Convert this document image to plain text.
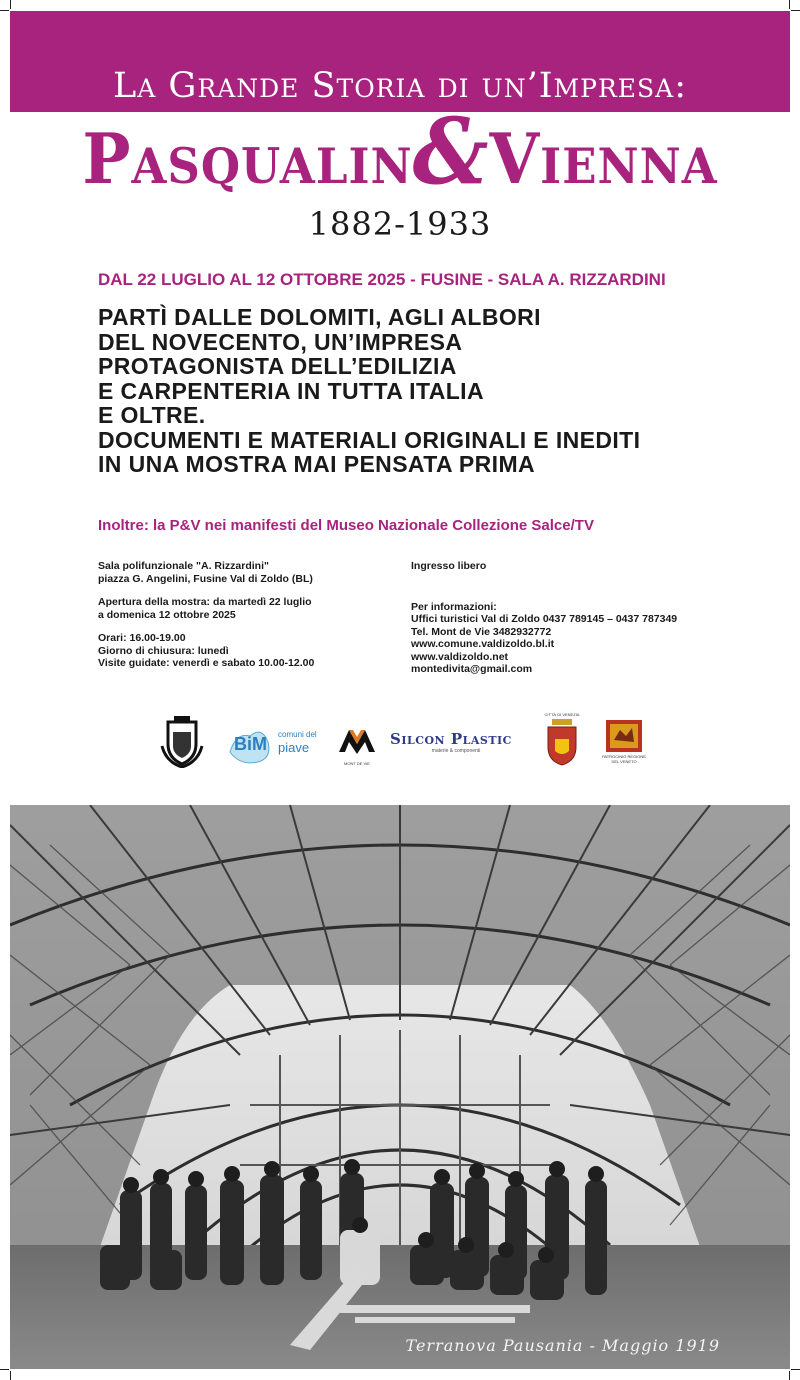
La Grande Storia di un’Impresa:
Pasqualin&Vienna
1882-1933
DAL 22 LUGLIO AL 12 OTTOBRE 2025 - FUSINE - SALA A. RIZZARDINI
PARTÌ DALLE DOLOMITI, AGLI ALBORI
DEL NOVECENTO, UN’IMPRESA
PROTAGONISTA DELL’EDILIZIA
E CARPENTERIA IN TUTTA ITALIA
E OLTRE.
DOCUMENTI E MATERIALI ORIGINALI E INEDITI
IN UNA MOSTRA MAI PENSATA PRIMA
Inoltre: la P&V nei manifesti del Museo Nazionale Collezione Salce/TV
Sala polifunzionale "A. Rizzardini"
piazza G. Angelini, Fusine Val di Zoldo (BL)
Apertura della mostra: da martedì 22 luglio
a domenica 12 ottobre 2025
Orari: 16.00-19.00
Giorno di chiusura: lunedì
Visite guidate: venerdì e sabato 10.00-12.00
Ingresso libero
Per informazioni:
Uffici turistici Val di Zoldo 0437 789145 – 0437 787349
Tel. Mont de Vie 3482932772
www.comune.valdizoldo.bl.it
www.valdizoldo.net
montedivita@gmail.com
BiM comuni del
piave
MONT DE VIE
Silcon Plastic
materie & componenti
CITTÀ DI VENEZIA
PATROCINIO REGIONE DEL VENETO
Terranova Pausania - Maggio 1919
